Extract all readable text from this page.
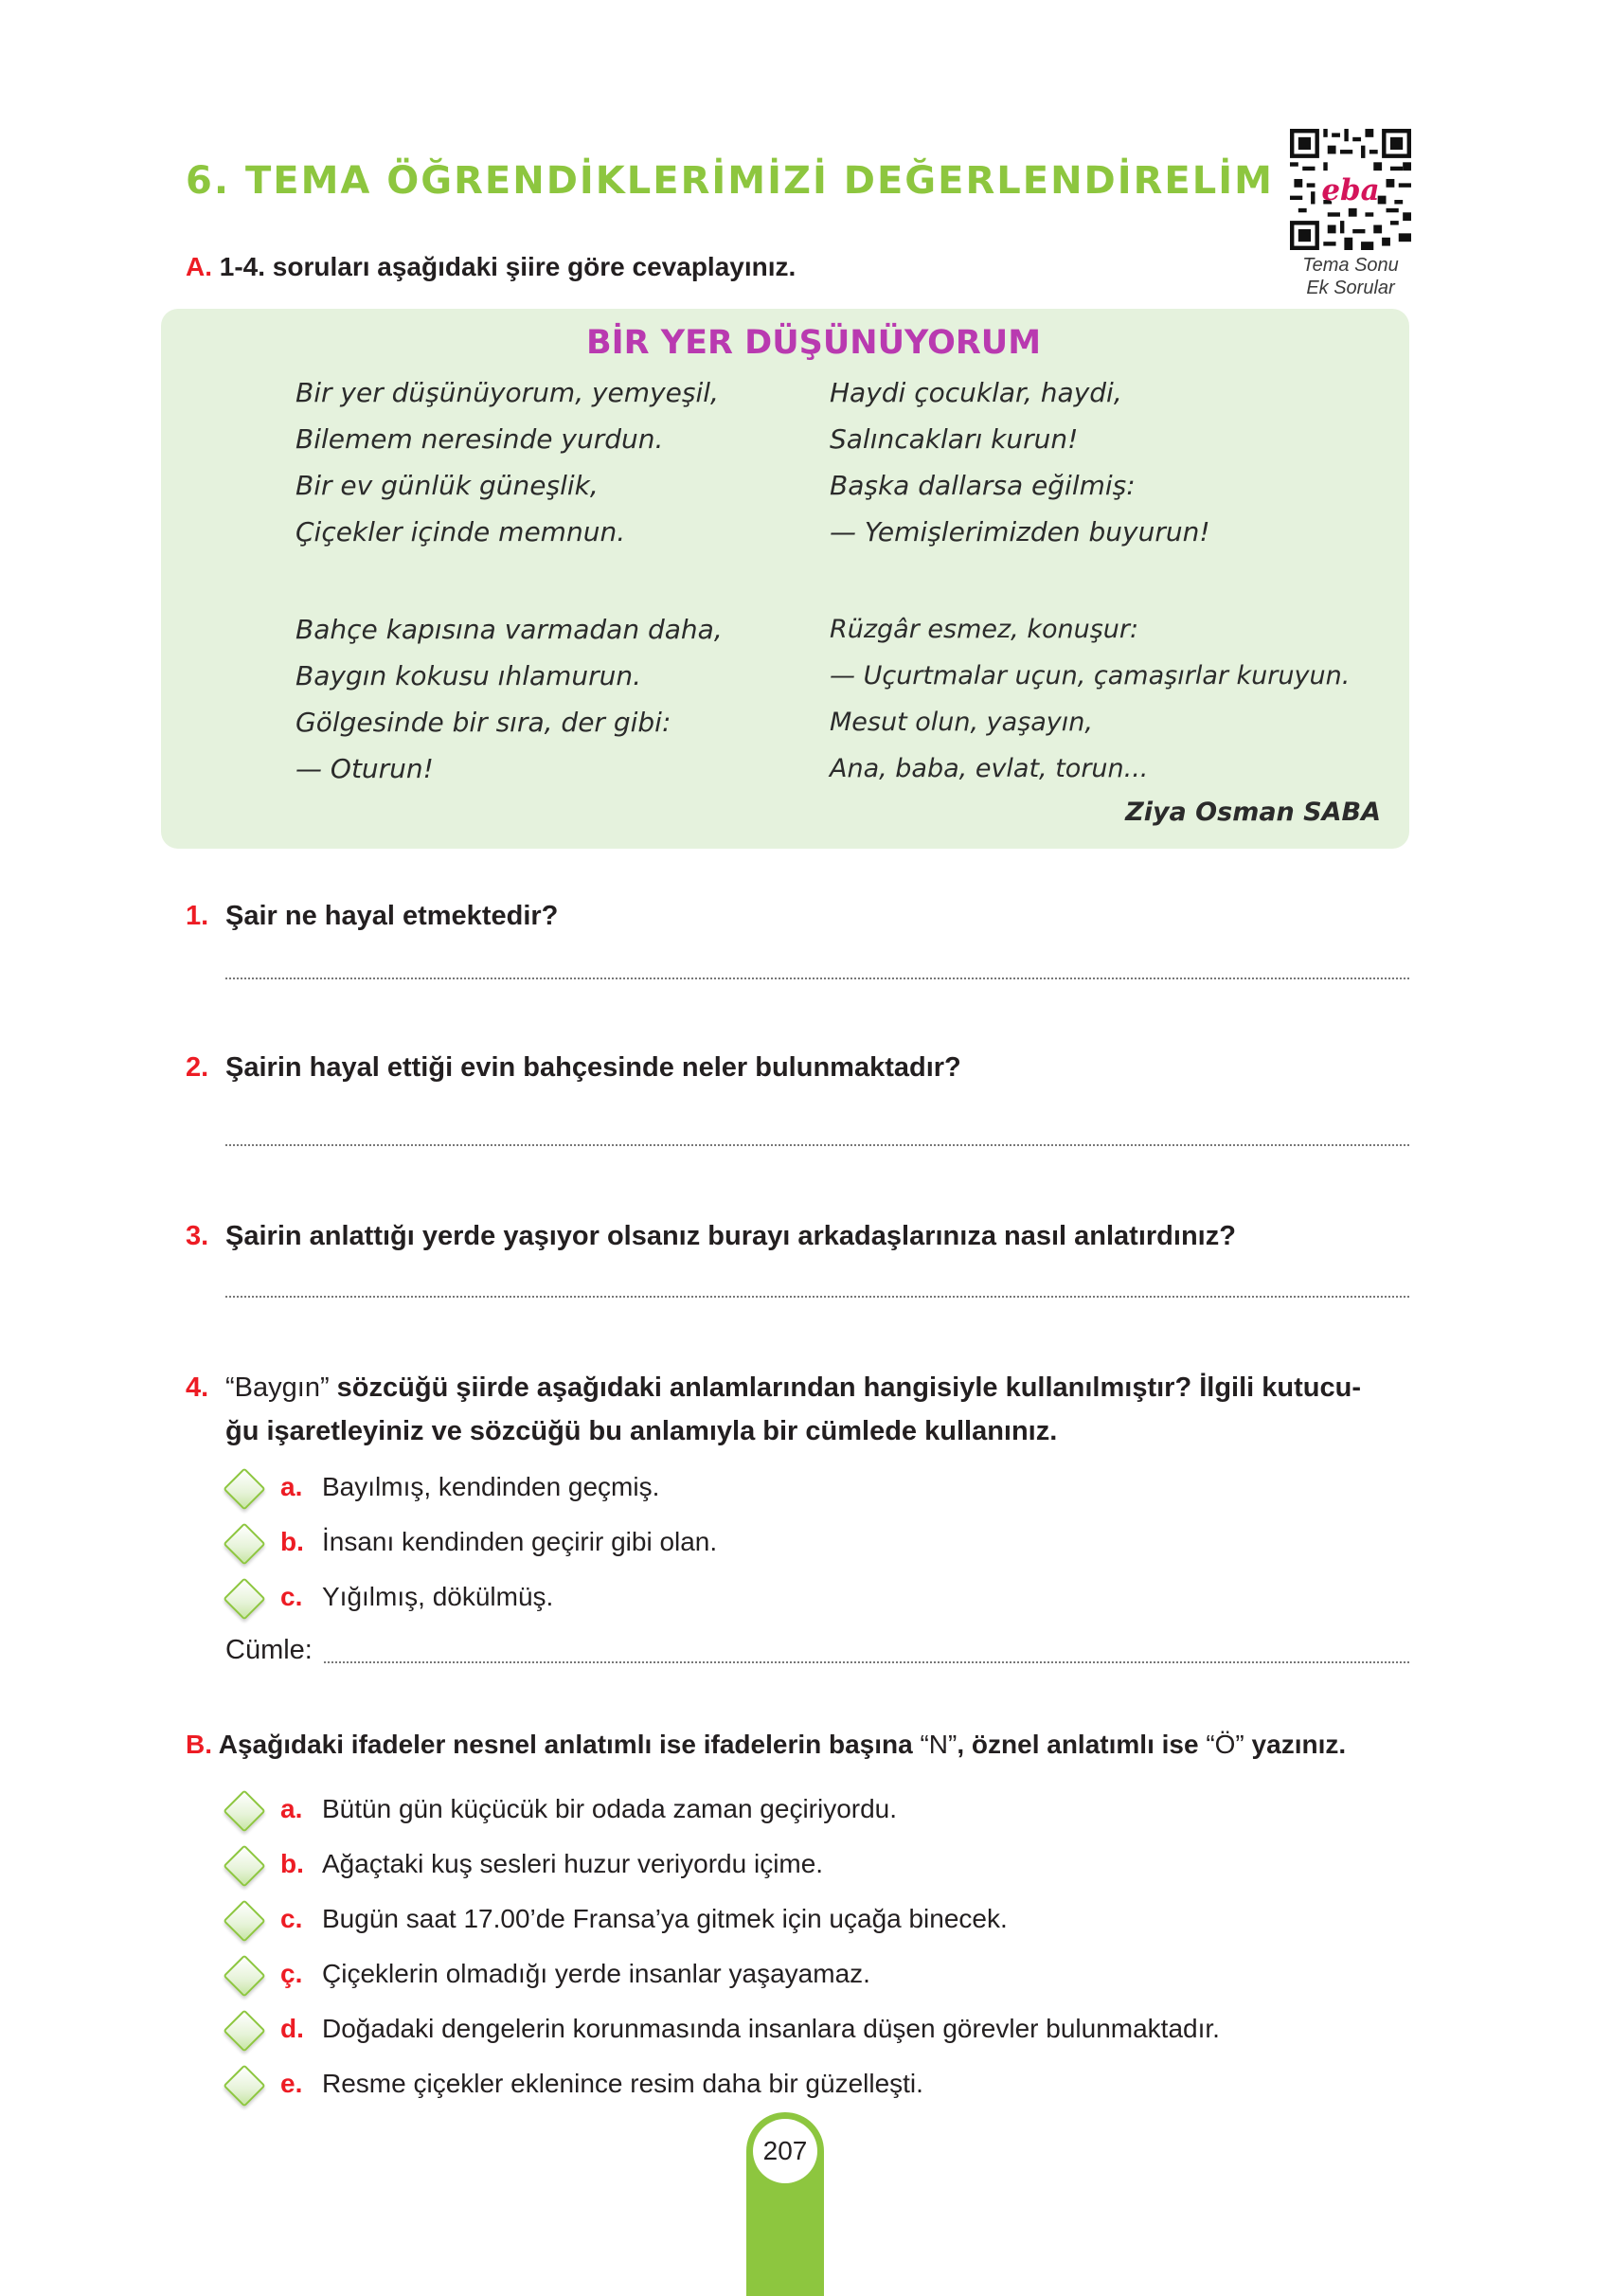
6. TEMA ÖĞRENDİKLERİMİZİ DEĞERLENDİRELİM	eba
Tema Sonu
Ek Sorular
A. 1-4. soruları aşağıdaki şiire göre cevaplayınız.
BİR YER DÜŞÜNÜYORUM
Bir yer düşünüyorum, yemyeşil,
Bilemem neresinde yurdun.
Bir ev günlük güneşlik,
Çiçekler içinde memnun.
Haydi çocuklar, haydi,
Salıncakları kurun!
Başka dallarsa eğilmiş:
— Yemişlerimizden buyurun!
Bahçe kapısına varmadan daha,
Baygın kokusu ıhlamurun.
Gölgesinde bir sıra, der gibi:
— Oturun!
Rüzgâr esmez, konuşur:
— Uçurtmalar uçun, çamaşırlar kuruyun.
Mesut olun, yaşayın,
Ana, baba, evlat, torun...
Ziya Osman SABA
1. Şair ne hayal etmektedir?
2. Şairin hayal ettiği evin bahçesinde neler bulunmaktadır?
3. Şairin anlattığı yerde yaşıyor olsanız burayı arkadaşlarınıza nasıl anlatırdınız?
4. “Baygın” sözcüğü şiirde aşağıdaki anlamlarından hangisiyle kullanılmıştır? İlgili kutucu-
ğu işaretleyiniz ve sözcüğü bu anlamıyla bir cümlede kullanınız.
a. Bayılmış, kendinden geçmiş.
b. İnsanı kendinden geçirir gibi olan.
c. Yığılmış, dökülmüş.
Cümle:
B. Aşağıdaki ifadeler nesnel anlatımlı ise ifadelerin başına “N”, öznel anlatımlı ise “Ö” yazınız.
a. Bütün gün küçücük bir odada zaman geçiriyordu.
b. Ağaçtaki kuş sesleri huzur veriyordu içime.
c. Bugün saat 17.00’de Fransa’ya gitmek için uçağa binecek.
ç. Çiçeklerin olmadığı yerde insanlar yaşayamaz.
d. Doğadaki dengelerin korunmasında insanlara düşen görevler bulunmaktadır.
e. Resme çiçekler eklenince resim daha bir güzelleşti.
207
